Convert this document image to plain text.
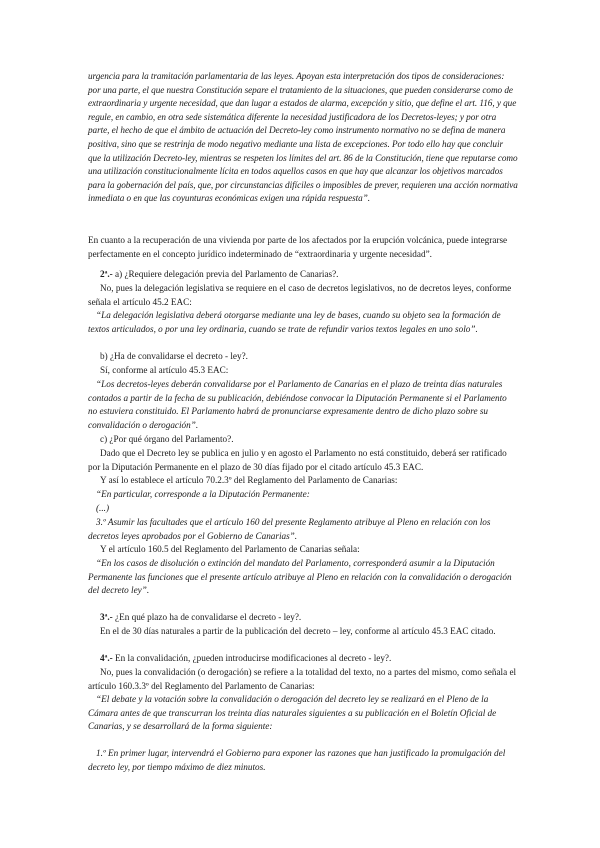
urgencia para la tramitación parlamentaria de las leyes. Apoyan esta interpretación dos tipos de consideraciones: por una parte, el que nuestra Constitución separe el tratamiento de la situaciones, que pueden considerarse como de extraordinaria y urgente necesidad, que dan lugar a estados de alarma, excepción y sitio, que define el art. 116, y que regule, en cambio, en otra sede sistemática diferente la necesidad justificadora de los Decretos-leyes; y por otra parte, el hecho de que el ámbito de actuación del Decreto-ley como instrumento normativo no se defina de manera positiva, sino que se restrinja de modo negativo mediante una lista de excepciones. Por todo ello hay que concluir que la utilización Decreto-ley, mientras se respeten los límites del art. 86 de la Constitución, tiene que reputarse como una utilización constitucionalmente lícita en todos aquellos casos en que hay que alcanzar los objetivos marcados para la gobernación del país, que, por circunstancias difíciles o imposibles de prever, requieren una acción normativa inmediata o en que las coyunturas económicas exigen una rápida respuesta”.

En cuanto a la recuperación de una vivienda por parte de los afectados por la erupción volcánica, puede integrarse perfectamente en el concepto jurídico indeterminado de “extraordinaria y urgente necesidad”.

2ª.- a) ¿Requiere delegación previa del Parlamento de Canarias?.

No, pues la delegación legislativa se requiere en el caso de decretos legislativos, no de decretos leyes, conforme señala el artículo 45.2 EAC:

“La delegación legislativa deberá otorgarse mediante una ley de bases, cuando su objeto sea la formación de textos articulados, o por una ley ordinaria, cuando se trate de refundir varios textos legales en uno solo”.

b) ¿Ha de convalidarse el decreto - ley?.

Sí, conforme al artículo 45.3 EAC:

“Los decretos-leyes deberán convalidarse por el Parlamento de Canarias en el plazo de treinta días naturales contados a partir de la fecha de su publicación, debiéndose convocar la Diputación Permanente si el Parlamento no estuviera constituido. El Parlamento habrá de pronunciarse expresamente dentro de dicho plazo sobre su convalidación o derogación”.

c) ¿Por qué órgano del Parlamento?.

Dado que el Decreto ley se publica en julio y en agosto el Parlamento no está constituido, deberá ser ratificado por la Diputación Permanente en el plazo de 30 días fijado por el citado artículo 45.3 EAC.

Y así lo establece el artículo 70.2.3º del Reglamento del Parlamento de Canarias:

“En particular, corresponde a la Diputación Permanente:

(...)

3.º Asumir las facultades que el artículo 160 del presente Reglamento atribuye al Pleno en relación con los decretos leyes aprobados por el Gobierno de Canarias”.

Y el artículo 160.5 del Reglamento del Parlamento de Canarias señala:

“En los casos de disolución o extinción del mandato del Parlamento, corresponderá asumir a la Diputación Permanente las funciones que el presente artículo atribuye al Pleno en relación con la convalidación o derogación del decreto ley”.

3ª.- ¿En qué plazo ha de convalidarse el decreto - ley?.

En el de 30 días naturales a partir de la publicación del decreto – ley, conforme al artículo 45.3 EAC citado.

4ª.- En la convalidación, ¿pueden introducirse modificaciones al decreto - ley?.

No, pues la convalidación (o derogación) se refiere a la totalidad del texto, no a partes del mismo, como señala el artículo 160.3.3º del Reglamento del Parlamento de Canarias:

“El debate y la votación sobre la convalidación o derogación del decreto ley se realizará en el Pleno de la Cámara antes de que transcurran los treinta días naturales siguientes a su publicación en el Boletín Oficial de Canarias, y se desarrollará de la forma siguiente:

1.º En primer lugar, intervendrá el Gobierno para exponer las razones que han justificado la promulgación del decreto ley, por tiempo máximo de diez minutos.
